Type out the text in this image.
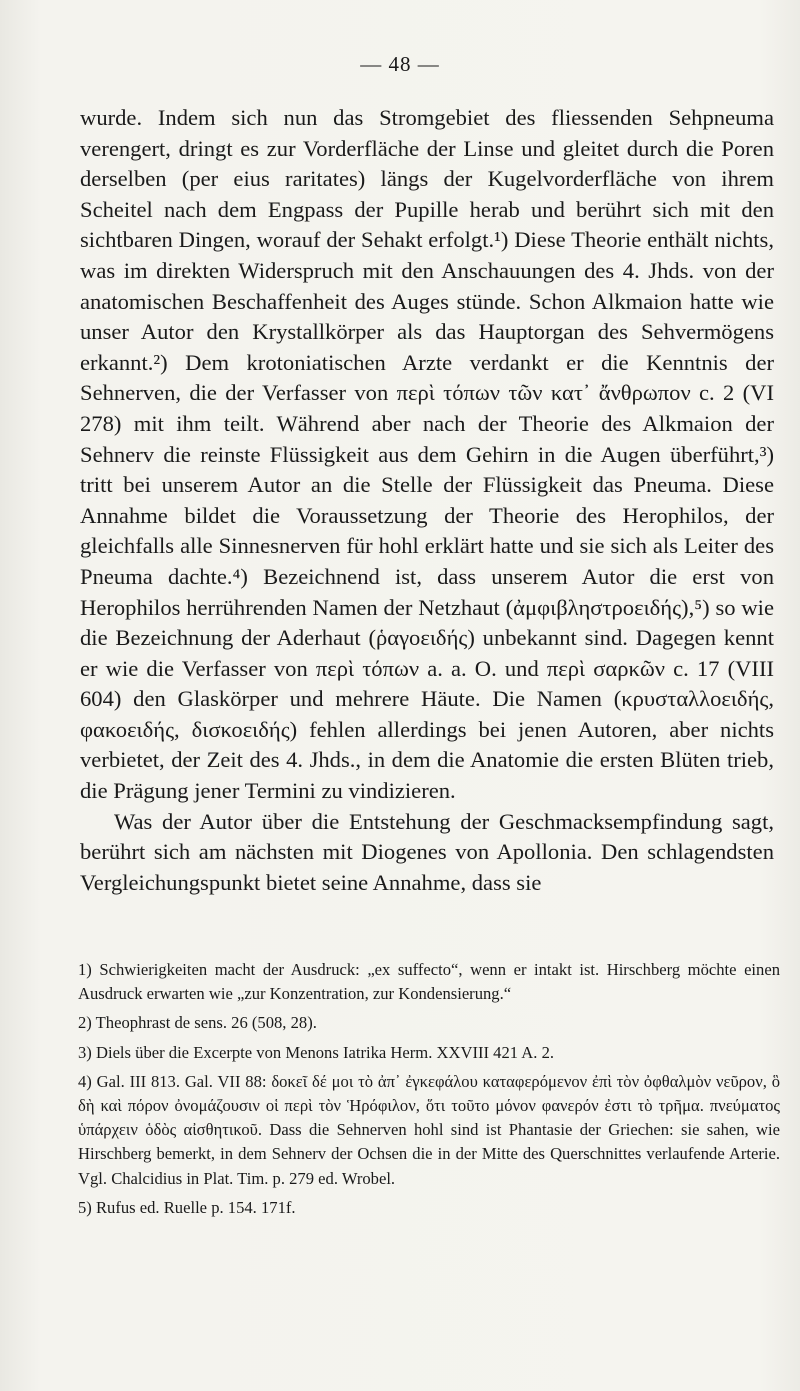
— 48 —

wurde. Indem sich nun das Stromgebiet des fliessenden Sehpneuma verengert, dringt es zur Vorderfläche der Linse und gleitet durch die Poren derselben (per eius raritates) längs der Kugelvorderfläche von ihrem Scheitel nach dem Engpass der Pupille herab und berührt sich mit den sichtbaren Dingen, worauf der Sehakt erfolgt.¹) Diese Theorie enthält nichts, was im direkten Widerspruch mit den Anschauungen des 4. Jhds. von der anatomischen Beschaffenheit des Auges stünde. Schon Alkmaion hatte wie unser Autor den Krystallkörper als das Hauptorgan des Sehvermögens erkannt.²) Dem krotoniatischen Arzte verdankt er die Kenntnis der Sehnerven, die der Verfasser von περὶ τόπων τῶν κατ᾽ ἄνθρωπον c. 2 (VI 278) mit ihm teilt. Während aber nach der Theorie des Alkmaion der Sehnerv die reinste Flüssigkeit aus dem Gehirn in die Augen überführt,³) tritt bei unserem Autor an die Stelle der Flüssigkeit das Pneuma. Diese Annahme bildet die Voraussetzung der Theorie des Herophilos, der gleichfalls alle Sinnesnerven für hohl erklärt hatte und sie sich als Leiter des Pneuma dachte.⁴) Bezeichnend ist, dass unserem Autor die erst von Herophilos herrührenden Namen der Netzhaut (ἀμφιβληστροειδής),⁵) so wie die Bezeichnung der Aderhaut (ῥαγοειδής) unbekannt sind. Dagegen kennt er wie die Verfasser von περὶ τόπων a. a. O. und περὶ σαρκῶν c. 17 (VIII 604) den Glaskörper und mehrere Häute. Die Namen (κρυσταλλοειδής, φακοειδής, δισκοειδής) fehlen allerdings bei jenen Autoren, aber nichts verbietet, der Zeit des 4. Jhds., in dem die Anatomie die ersten Blüten trieb, die Prägung jener Termini zu vindizieren.

Was der Autor über die Entstehung der Geschmacksempfindung sagt, berührt sich am nächsten mit Diogenes von Apollonia. Den schlagendsten Vergleichungspunkt bietet seine Annahme, dass sie

1) Schwierigkeiten macht der Ausdruck: „ex suffecto“, wenn er intakt ist. Hirschberg möchte einen Ausdruck erwarten wie „zur Konzentration, zur Kondensierung.“

2) Theophrast de sens. 26 (508, 28).

3) Diels über die Excerpte von Menons Iatrika Herm. XXVIII 421 A. 2.

4) Gal. III 813. Gal. VII 88: δοκεῖ δέ μοι τὸ ἀπ᾽ ἐγκεφάλου καταφερόμενον ἐπὶ τὸν ὀφθαλμὸν νεῦρον, ὃ δὴ καὶ πόρον ὀνομάζουσιν οἱ περὶ τὸν Ἡρόφιλον, ὅτι τοῦτο μόνον φανερόν ἐστι τὸ τρῆμα. πνεύματος ὑπάρχειν ὁδὸς αἰσθητικοῦ. Dass die Sehnerven hohl sind ist Phantasie der Griechen: sie sahen, wie Hirschberg bemerkt, in dem Sehnerv der Ochsen die in der Mitte des Querschnittes verlaufende Arterie. Vgl. Chalcidius in Plat. Tim. p. 279 ed. Wrobel.

5) Rufus ed. Ruelle p. 154. 171f.
